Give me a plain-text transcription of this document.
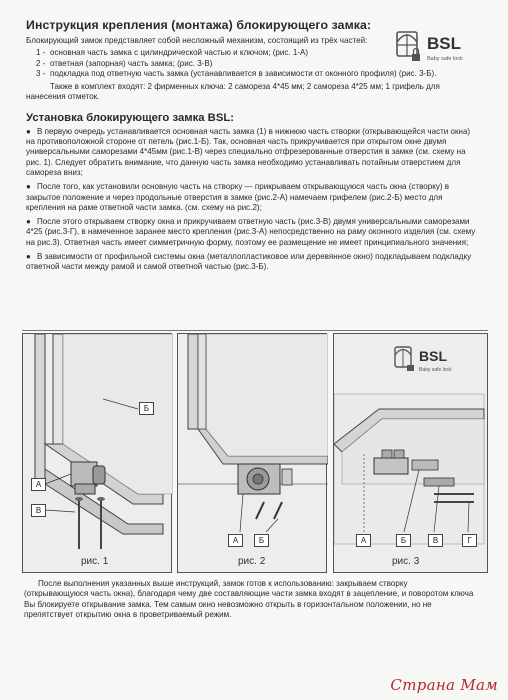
BSL
Baby safe lock
Инструкция крепления (монтажа) блокирующего замка:

Блокирующий замок представляет собой несложный механизм, состоящий из трёх частей:

1 - основная часть замка с цилиндрической частью и ключом; (рис. 1-А)
2 - ответная (запорная) часть замка; (рис. 3-В)
3 - подкладка под ответную часть замка (устанавливается в зависимости от оконного профиля) (рис. 3-Б).

Также в комплект входят: 2 фирменных ключа: 2 самореза 4*45 мм; 2 самореза 4*25 мм; 1 грифель для нанесения отметок.

Установка блокирующего замка BSL:
● В первую очередь устанавливается основная часть замка (1) в нижнюю часть створки (открывающейся части окна) на противоположной стороне от петель (рис.1-Б). Так, основная часть прикручивается при открытом окне двумя универсальными саморезами 4*45мм (рис.1-В) через специально отфрезерованные отверстия в замке (см. схему на рис. 1). Следует обратить внимание, что данную часть замка необходимо устанавливать потайным отверстием для самореза вниз;
● После того, как установили основную часть на створку — прикрываем открывающуюся часть окна (створку) в закрытое положение и через продольные отверстия в замке (рис.2-А) намечаем грифелем (рис.2-Б) место для крепления на раме ответной части замка. (см. схему на рис.2);
● После этого открываем створку окна и прикручиваем ответную часть (рис.3-В) двумя универсальными саморезами 4*25 (рис.3-Г), в намеченное заранее место крепления (рис.3-А) непосредственно на раму оконного изделия (см. схему на рис.3). Ответная часть имеет симметричную форму, поэтому ее размещение не имеет принципиального значения;
● В зависимости от профильной системы окна (металлопластиковое или деревянное окно) подкладываем подкладку ответной части между рамой и самой ответной частью (рис.3-Б).
А
Б
В
рис. 1
А	Б
рис. 2
А	Б	В	Г
рис. 3
BSL
Baby safe lock

После выполнения указанных выше инструкций, замок готов к использованию: закрываем створку (открывающуюся часть окна), благодаря чему две составляющие части замка входят в зацепление, и поворотом ключа Вы блокируете открывание замка. Тем самым окно невозможно открыть в горизонтальном положении, но не препятствует открытию окна в проветриваемый режим.

Страна Мам
